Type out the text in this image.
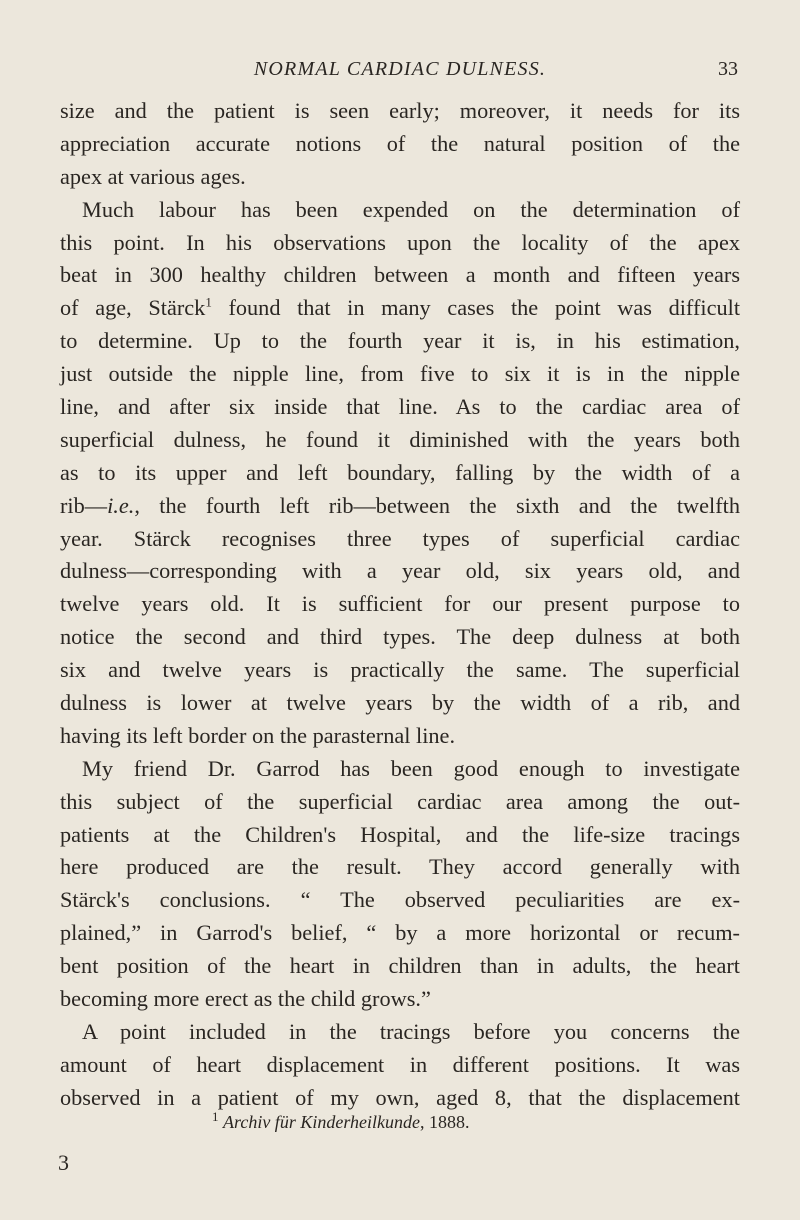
NORMAL CARDIAC DULNESS.	33
size and the patient is seen early; moreover, it needs for its
appreciation accurate notions of the natural position of the
apex at various ages.
Much labour has been expended on the determination of
this point. In his observations upon the locality of the apex
beat in 300 healthy children between a month and fifteen years
of age, Stärck$^1$ found that in many cases the point was difficult
to determine. Up to the fourth year it is, in his estimation,
just outside the nipple line, from five to six it is in the nipple
line, and after six inside that line. As to the cardiac area of
superficial dulness, he found it diminished with the years both
as to its upper and left boundary, falling by the width of a
rib—i.e., the fourth left rib—between the sixth and the twelfth
year. Stärck recognises three types of superficial cardiac
dulness—corresponding with a year old, six years old, and
twelve years old. It is sufficient for our present purpose to
notice the second and third types. The deep dulness at both
six and twelve years is practically the same. The superficial
dulness is lower at twelve years by the width of a rib, and
having its left border on the parasternal line.
My friend Dr. Garrod has been good enough to investigate
this subject of the superficial cardiac area among the out-
patients at the Children's Hospital, and the life-size tracings
here produced are the result. They accord generally with
Stärck's conclusions. “ The observed peculiarities are ex-
plained,” in Garrod's belief, “ by a more horizontal or recum-
bent position of the heart in children than in adults, the heart
becoming more erect as the child grows.”
A point included in the tracings before you concerns the
amount of heart displacement in different positions. It was
observed in a patient of my own, aged 8, that the displacement
$^1$ Archiv für Kinderheilkunde, 1888.
3
